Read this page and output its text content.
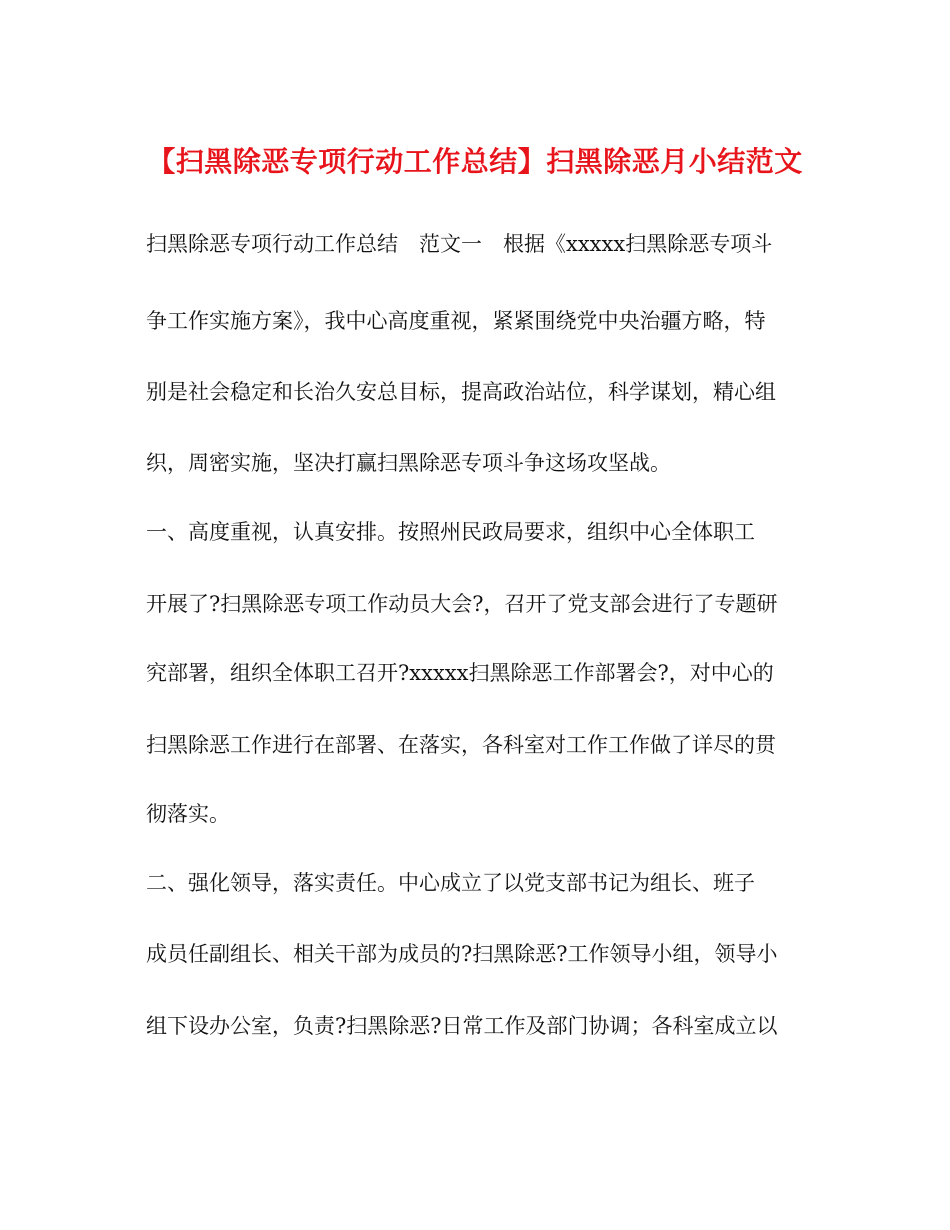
【扫黑除恶专项行动工作总结】扫黑除恶月小结范文
扫黑除恶专项行动工作总结　范文一　根据《xxxxx扫黑除恶专项斗
争工作实施方案》，我中心高度重视，紧紧围绕党中央治疆方略，特
别是社会稳定和长治久安总目标，提高政治站位，科学谋划，精心组
织，周密实施，坚决打赢扫黑除恶专项斗争这场攻坚战。
一、高度重视，认真安排。按照州民政局要求，组织中心全体职工
开展了?扫黑除恶专项工作动员大会?，召开了党支部会进行了专题研
究部署，组织全体职工召开?xxxxx扫黑除恶工作部署会?，对中心的
扫黑除恶工作进行在部署、在落实，各科室对工作工作做了详尽的贯
彻落实。
二、强化领导，落实责任。中心成立了以党支部书记为组长、班子
成员任副组长、相关干部为成员的?扫黑除恶?工作领导小组，领导小
组下设办公室，负责?扫黑除恶?日常工作及部门协调；各科室成立以
